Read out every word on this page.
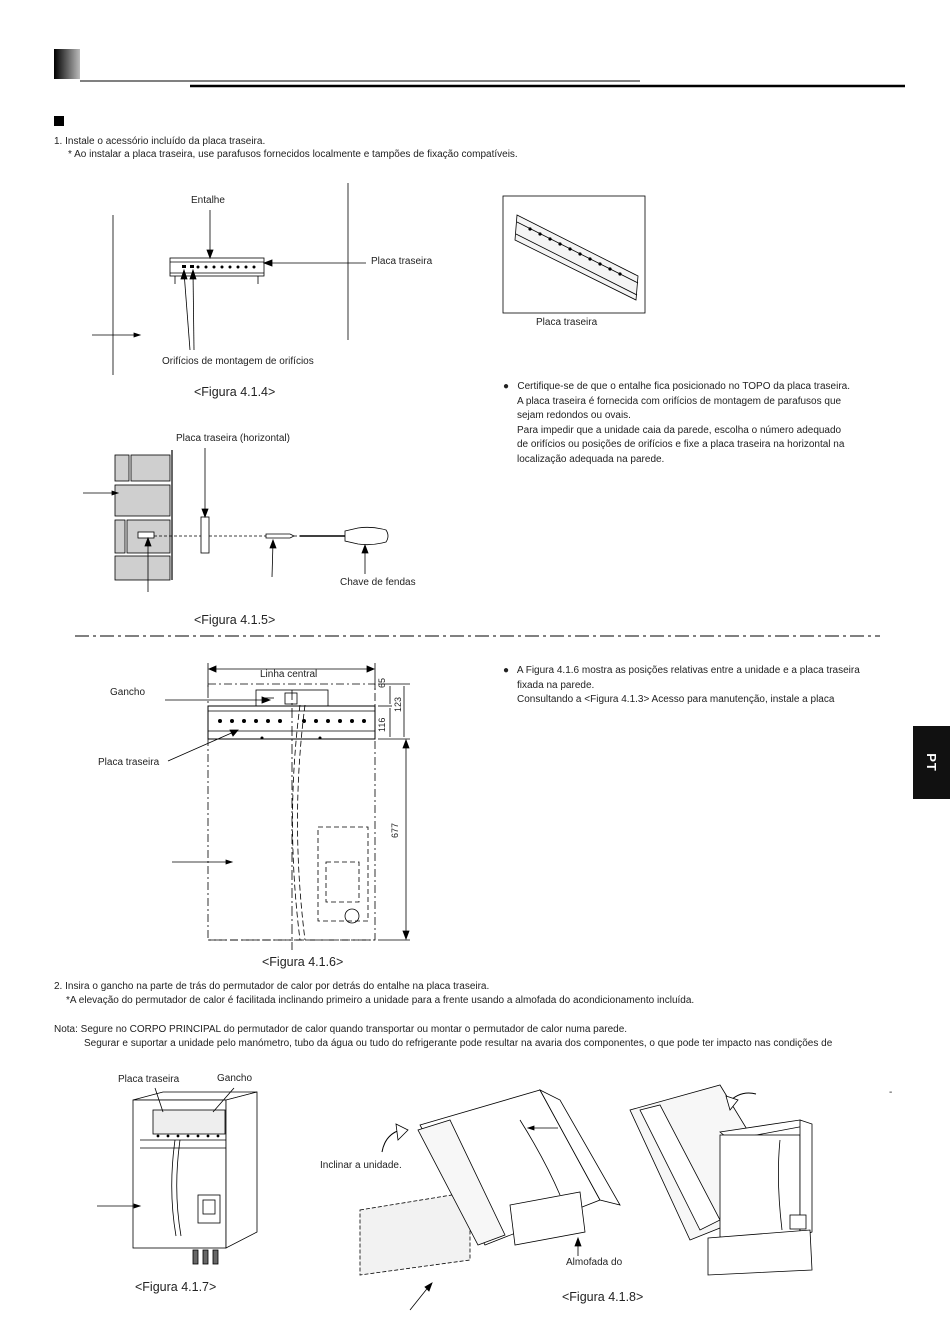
PT
1. Instale o acessório incluído da placa traseira.
* Ao instalar a placa traseira, use parafusos fornecidos localmente e tampões de fixação compatíveis.
Entalhe
Placa traseira
Orifícios de montagem de orifícios
<Figura 4.1.4>
Placa traseira

●   Certifique-se de que o entalhe fica posicionado no TOPO da placa traseira.

A placa traseira é fornecida com orifícios de montagem de parafusos que

sejam redondos ou ovais.

Para impedir que a unidade caia da parede, escolha o número adequado

de orifícios ou posições de orifícios e fixe a placa traseira na horizontal na

localização adequada na parede.

Placa traseira (horizontal)
Chave de fendas
<Figura 4.1.5>
Linha central
Gancho
Placa traseira
65
123
116
677
<Figura 4.1.6>

●   A Figura 4.1.6 mostra as posições relativas entre a unidade e a placa traseira

fixada na parede.

Consultando a <Figura 4.1.3> Acesso para manutenção, instale a placa

2. Insira o gancho na parte de trás do permutador de calor por detrás do entalhe na placa traseira.
*A elevação do permutador de calor é facilitada inclinando primeiro a unidade para a frente usando a almofada do acondicionamento incluída.
Nota: Segure no CORPO PRINCIPAL do permutador de calor quando transportar ou montar o permutador de calor numa parede.
Segurar e suportar a unidade pelo manómetro, tubo da água ou tudo do refrigerante pode resultar na avaria dos componentes, o que pode ter impacto nas condições de
Placa traseira	Gancho
<Figura 4.1.7>
Inclinar a unidade.
Almofada do
-
<Figura 4.1.8>
